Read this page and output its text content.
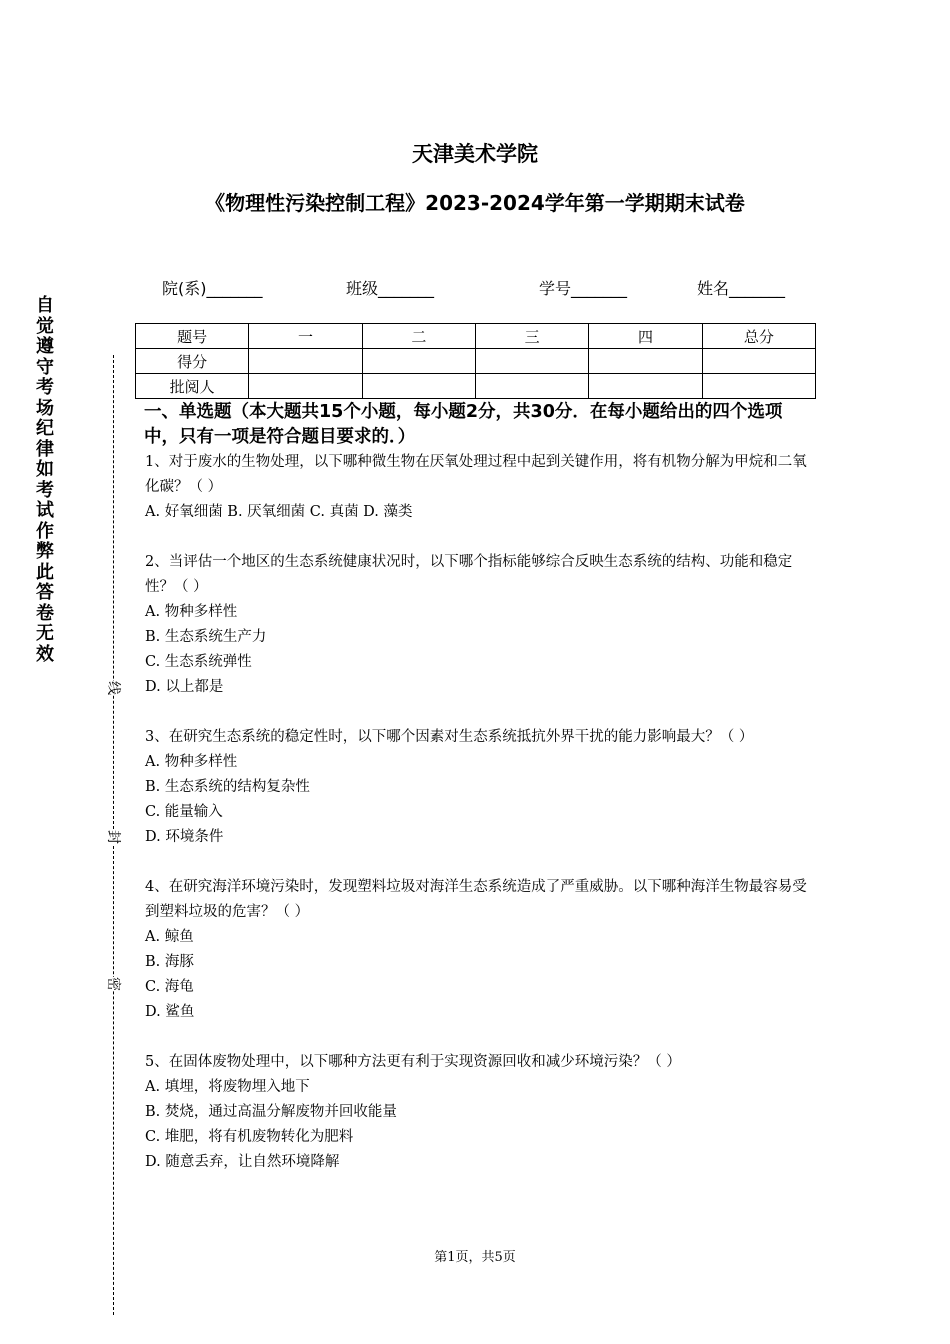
天津美术学院
《物理性污染控制工程》2023-2024学年第一学期期末试卷
院(系)_______	班级_______	学号_______	姓名_______
题号	一	二	三	四	总分
得分					
批阅人					
自觉遵守考场纪律如考试作弊此答卷无效
线
封
密
一、单选题（本大题共15个小题，每小题2分，共30分．在每小题给出的四个选项中，只有一项是符合题目要求的．）
1、对于废水的生物处理，以下哪种微生物在厌氧处理过程中起到关键作用，将有机物分解为甲烷和二氧化碳？（ ）
A. 好氧细菌 B. 厌氧细菌 C. 真菌 D. 藻类
2、当评估一个地区的生态系统健康状况时，以下哪个指标能够综合反映生态系统的结构、功能和稳定性？（ ）
A. 物种多样性
B. 生态系统生产力
C. 生态系统弹性
D. 以上都是
3、在研究生态系统的稳定性时，以下哪个因素对生态系统抵抗外界干扰的能力影响最大？（ ）
A. 物种多样性
B. 生态系统的结构复杂性
C. 能量输入
D. 环境条件
4、在研究海洋环境污染时，发现塑料垃圾对海洋生态系统造成了严重威胁。以下哪种海洋生物最容易受到塑料垃圾的危害？（ ）
A. 鲸鱼
B. 海豚
C. 海龟
D. 鲨鱼
5、在固体废物处理中，以下哪种方法更有利于实现资源回收和减少环境污染？（ ）
A. 填埋，将废物埋入地下
B. 焚烧，通过高温分解废物并回收能量
C. 堆肥，将有机废物转化为肥料
D. 随意丢弃，让自然环境降解
第1页，共5页
